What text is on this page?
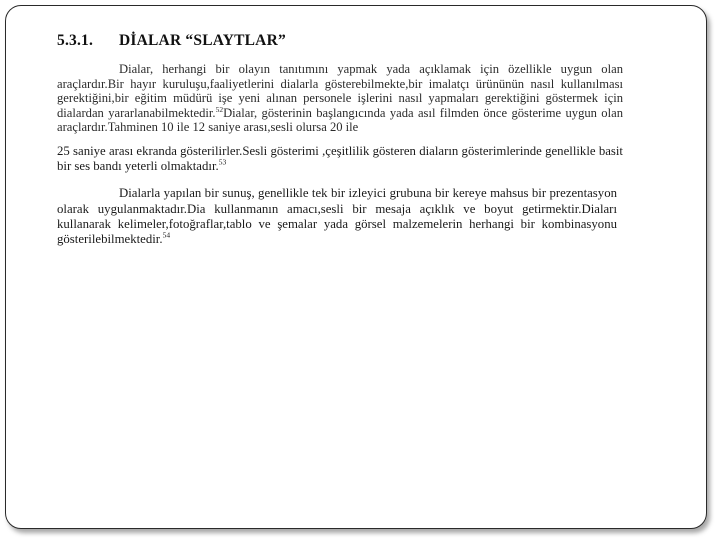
5.3.1. DİALAR “SLAYTLAR”

Dialar, herhangi bir olayın tanıtımını yapmak yada açıklamak için özellikle uygun olan araçlardır.Bir hayır kuruluşu,faaliyetlerini dialarla gösterebilmekte,bir imalatçı ürününün nasıl kullanılması gerektiğini,bir eğitim müdürü işe yeni alınan personele işlerini nasıl yapmaları gerektiğini göstermek için dialardan yararlanabilmektedir.$^{52}$Dialar, gösterinin başlangıcında yada asıl filmden önce gösterime uygun olan araçlardır.Tahminen 10 ile 12 saniye arası,sesli olursa 20 ile

25 saniye arası ekranda gösterilirler.Sesli gösterimi ,çeşitlilik gösteren diaların gösterimlerinde genellikle basit bir ses bandı yeterli olmaktadır.$^{53}$

Dialarla yapılan bir sunuş, genellikle tek bir izleyici grubuna bir kereye mahsus bir prezentasyon olarak uygulanmaktadır.Dia kullanmanın amacı,sesli bir mesaja açıklık ve boyut getirmektir.Diaları kullanarak kelimeler,fotoğraflar,tablo ve şemalar yada görsel malzemelerin herhangi bir kombinasyonu gösterilebilmektedir.$^{54}$
